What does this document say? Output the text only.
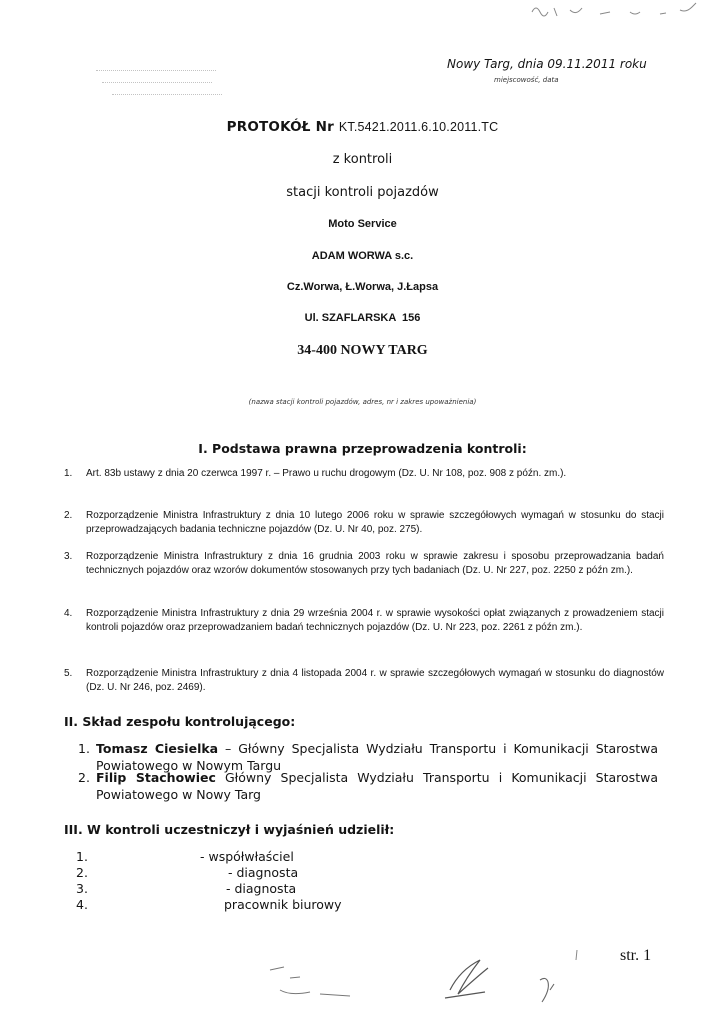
Nowy Targ, dnia 09.11.2011 roku
miejscowość, data
PROTOKÓŁ Nr KT.5421.2011.6.10.2011.TC
z kontroli
stacji kontroli pojazdów
Moto Service
ADAM WORWA s.c.
Cz.Worwa, Ł.Worwa, J.Łapsa
Ul. SZAFLARSKA  156
34-400 NOWY TARG
(nazwa stacji kontroli pojazdów, adres, nr i zakres upoważnienia)
I. Podstawa prawna przeprowadzenia kontroli:
1. Art. 83b ustawy z dnia 20 czerwca 1997 r. – Prawo u ruchu drogowym (Dz. U. Nr 108, poz. 908 z późn. zm.).
2. Rozporządzenie Ministra Infrastruktury z dnia 10 lutego 2006 roku w sprawie szczegółowych wymagań w stosunku do stacji przeprowadzających badania techniczne pojazdów (Dz. U. Nr 40, poz. 275).
3. Rozporządzenie Ministra Infrastruktury z dnia 16 grudnia 2003 roku w sprawie zakresu i sposobu przeprowadzania badań technicznych pojazdów oraz wzorów dokumentów stosowanych przy tych badaniach (Dz. U. Nr 227, poz. 2250 z późn zm.).
4. Rozporządzenie Ministra Infrastruktury z dnia 29 września 2004 r. w sprawie wysokości opłat związanych z prowadzeniem stacji kontroli pojazdów oraz przeprowadzaniem badań technicznych pojazdów (Dz. U. Nr 223, poz. 2261 z późn zm.).
5. Rozporządzenie Ministra Infrastruktury z dnia 4 listopada 2004 r. w sprawie szczegółowych wymagań w stosunku do diagnostów (Dz. U. Nr 246, poz. 2469).
II. Skład zespołu kontrolującego:
1. Tomasz Ciesielka – Główny Specjalista Wydziału Transportu i Komunikacji Starostwa Powiatowego w Nowym Targu
2. Filip Stachowiec Główny Specjalista Wydziału Transportu i Komunikacji Starostwa Powiatowego w Nowy Targ
III. W kontroli uczestniczył i wyjaśnień udzielił:
1.	- współwłaściel
2.	- diagnosta
3.	- diagnosta
4.	pracownik biurowy
str. 1
